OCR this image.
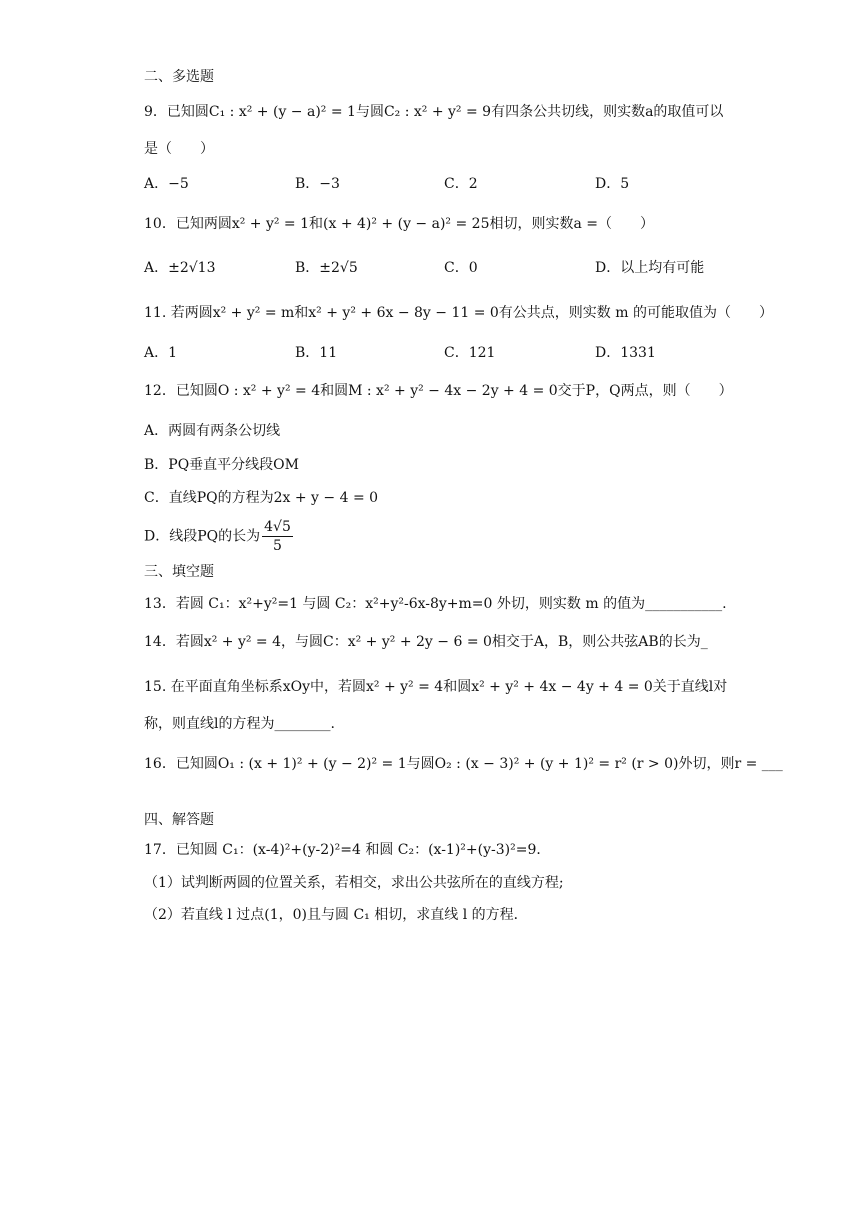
二、多选题
9．已知圆C₁ : x² + (y − a)² = 1与圆C₂ : x² + y² = 9有四条公共切线，则实数a的取值可以
是（　　）
A．−5	B．−3	C．2	D．5
10．已知两圆x² + y² = 1和(x + 4)² + (y − a)² = 25相切，则实数a =（　　）
A．±2√13	B．±2√5	C．0	D．以上均有可能
11. 若两圆x² + y² = m和x² + y² + 6x − 8y − 11 = 0有公共点，则实数 m 的可能取值为（　　）
A．1	B．11	C．121	D．1331
12．已知圆O : x² + y² = 4和圆M : x² + y² − 4x − 2y + 4 = 0交于P，Q两点，则（　　）
A．两圆有两条公切线
B．PQ垂直平分线段OM
C．直线PQ的方程为2x + y − 4 = 0
D．线段PQ的长为 $\frac{4√5}{5}$
三、填空题
13．若圆 C₁：x²+y²=1 与圆 C₂：x²+y²-6x-8y+m=0 外切，则实数 m 的值为___________.
14．若圆x² + y² = 4，与圆C：x² + y² + 2y − 6 = 0相交于A，B，则公共弦AB的长为_
15. 在平面直角坐标系xOy中，若圆x² + y² = 4和圆x² + y² + 4x − 4y + 4 = 0关于直线l对
称，则直线l的方程为________.
16．已知圆O₁ : (x + 1)² + (y − 2)² = 1与圆O₂ : (x − 3)² + (y + 1)² = r² (r > 0)外切，则r = ___
四、解答题
17．已知圆 C₁：(x-4)²+(y-2)²=4 和圆 C₂：(x-1)²+(y-3)²=9．
（1）试判断两圆的位置关系，若相交，求出公共弦所在的直线方程;
（2）若直线 l 过点(1，0)且与圆 C₁ 相切，求直线 l 的方程．
